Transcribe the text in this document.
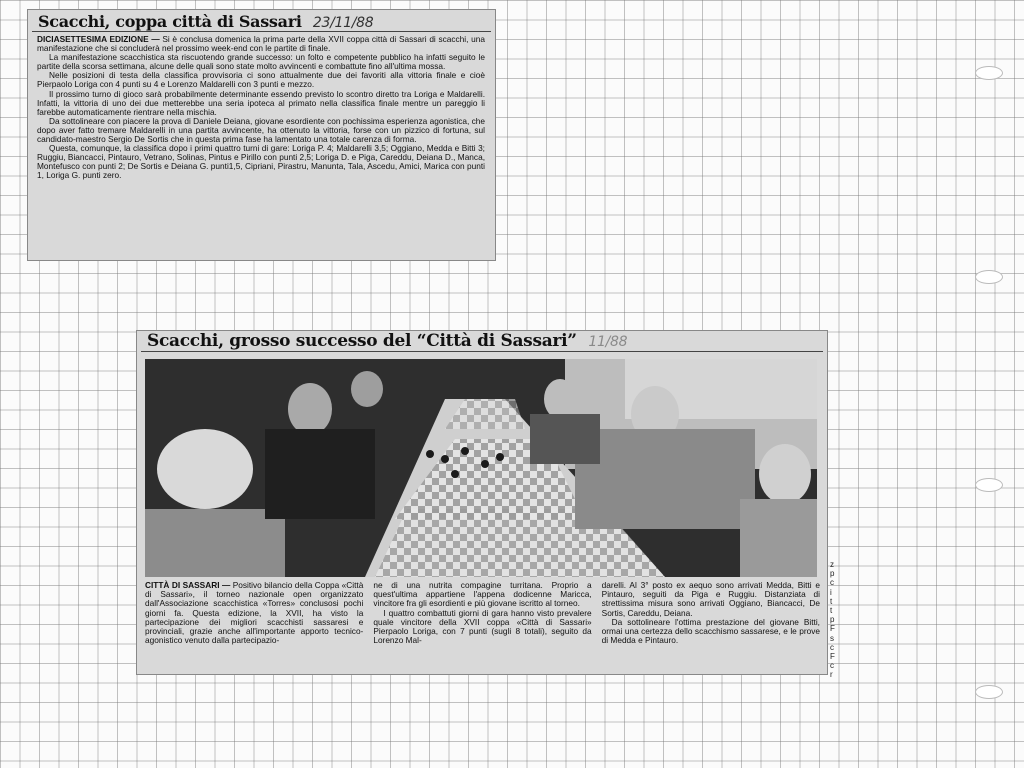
Scacchi, coppa città di Sassari 23/11/88

DICIASETTESIMA EDIZIONE — Si è conclusa domenica la prima parte della XVII coppa città di Sassari di scacchi, una manifestazione che si concluderà nel prossimo week-end con le partite di finale.

La manifestazione scacchistica sta riscuotendo grande successo: un folto e competente pubblico ha infatti seguito le partite della scorsa settimana, alcune delle quali sono state molto avvincenti e combattute fino all'ultima mossa.

Nelle posizioni di testa della classifica provvisoria ci sono attualmente due dei favoriti alla vittoria finale e cioè Pierpaolo Loriga con 4 punti su 4 e Lorenzo Maldarelli con 3 punti e mezzo.

Il prossimo turno di gioco sarà probabilmente determinante essendo previsto lo scontro diretto tra Loriga e Maldarelli. Infatti, la vittoria di uno dei due metterebbe una seria ipoteca al primato nella classifica finale mentre un pareggio li farebbe automaticamente rientrare nella mischia.

Da sottolineare con piacere la prova di Daniele Deiana, giovane esordiente con pochissima esperienza agonistica, che dopo aver fatto tremare Maldarelli in una partita avvincente, ha ottenuto la vittoria, forse con un pizzico di fortuna, sul candidato-maestro Sergio De Sortis che in questa prima fase ha lamentato una totale carenza di forma.

Questa, comunque, la classifica dopo i primi quattro turni di gare: Loriga P. 4; Maldarelli 3,5; Oggiano, Medda e Bitti 3; Ruggiu, Biancacci, Pintauro, Vetrano, Solinas, Pintus e Pirillo con punti 2,5; Loriga D. e Piga, Careddu, Deiana D., Manca, Montefusco con punti 2; De Sortis e Deiana G. punti1,5, Cipriani, Pirastru, Manunta, Tala, Ascedu, Amici, Marica con punti 1, Loriga G. punti zero.

Scacchi, grosso successo del “Città di Sassari” 11/88

CITTÀ DI SASSARI — Positivo bilancio della Coppa «Città di Sassari», il torneo nazionale open organizzato dall'Associazione scacchistica «Torres» conclusosi pochi giorni fa. Questa edizione, la XVII, ha visto la partecipazione dei migliori scacchisti sassaresi e provinciali, grazie anche all'importante apporto tecnico-agonistico venuto dalla partecipazio-

ne di una nutrita compagine turritana. Proprio a quest'ultima appartiene l'appena dodicenne Maricca, vincitore fra gli esordienti e più giovane iscritto al torneo.

I quattro combattuti giorni di gara hanno visto prevalere quale vincitore della XVII coppa «Città di Sassari» Pierpaolo Loriga, con 7 punti (sugli 8 totali), seguito da Lorenzo Mal-

darelli. Al 3° posto ex aequo sono arrivati Medda, Bitti e Pintauro, seguiti da Piga e Ruggiu. Distanziata di strettissima misura sono arrivati Oggiano, Biancacci, De Sortis, Careddu, Deiana.

Da sottolineare l'ottima prestazione del giovane Bitti, ormai una certezza dello scacchismo sassarese, e le prove di Medda e Pintauro.

z
p
c
i
t
t
p
F
s
c
F
c
r
